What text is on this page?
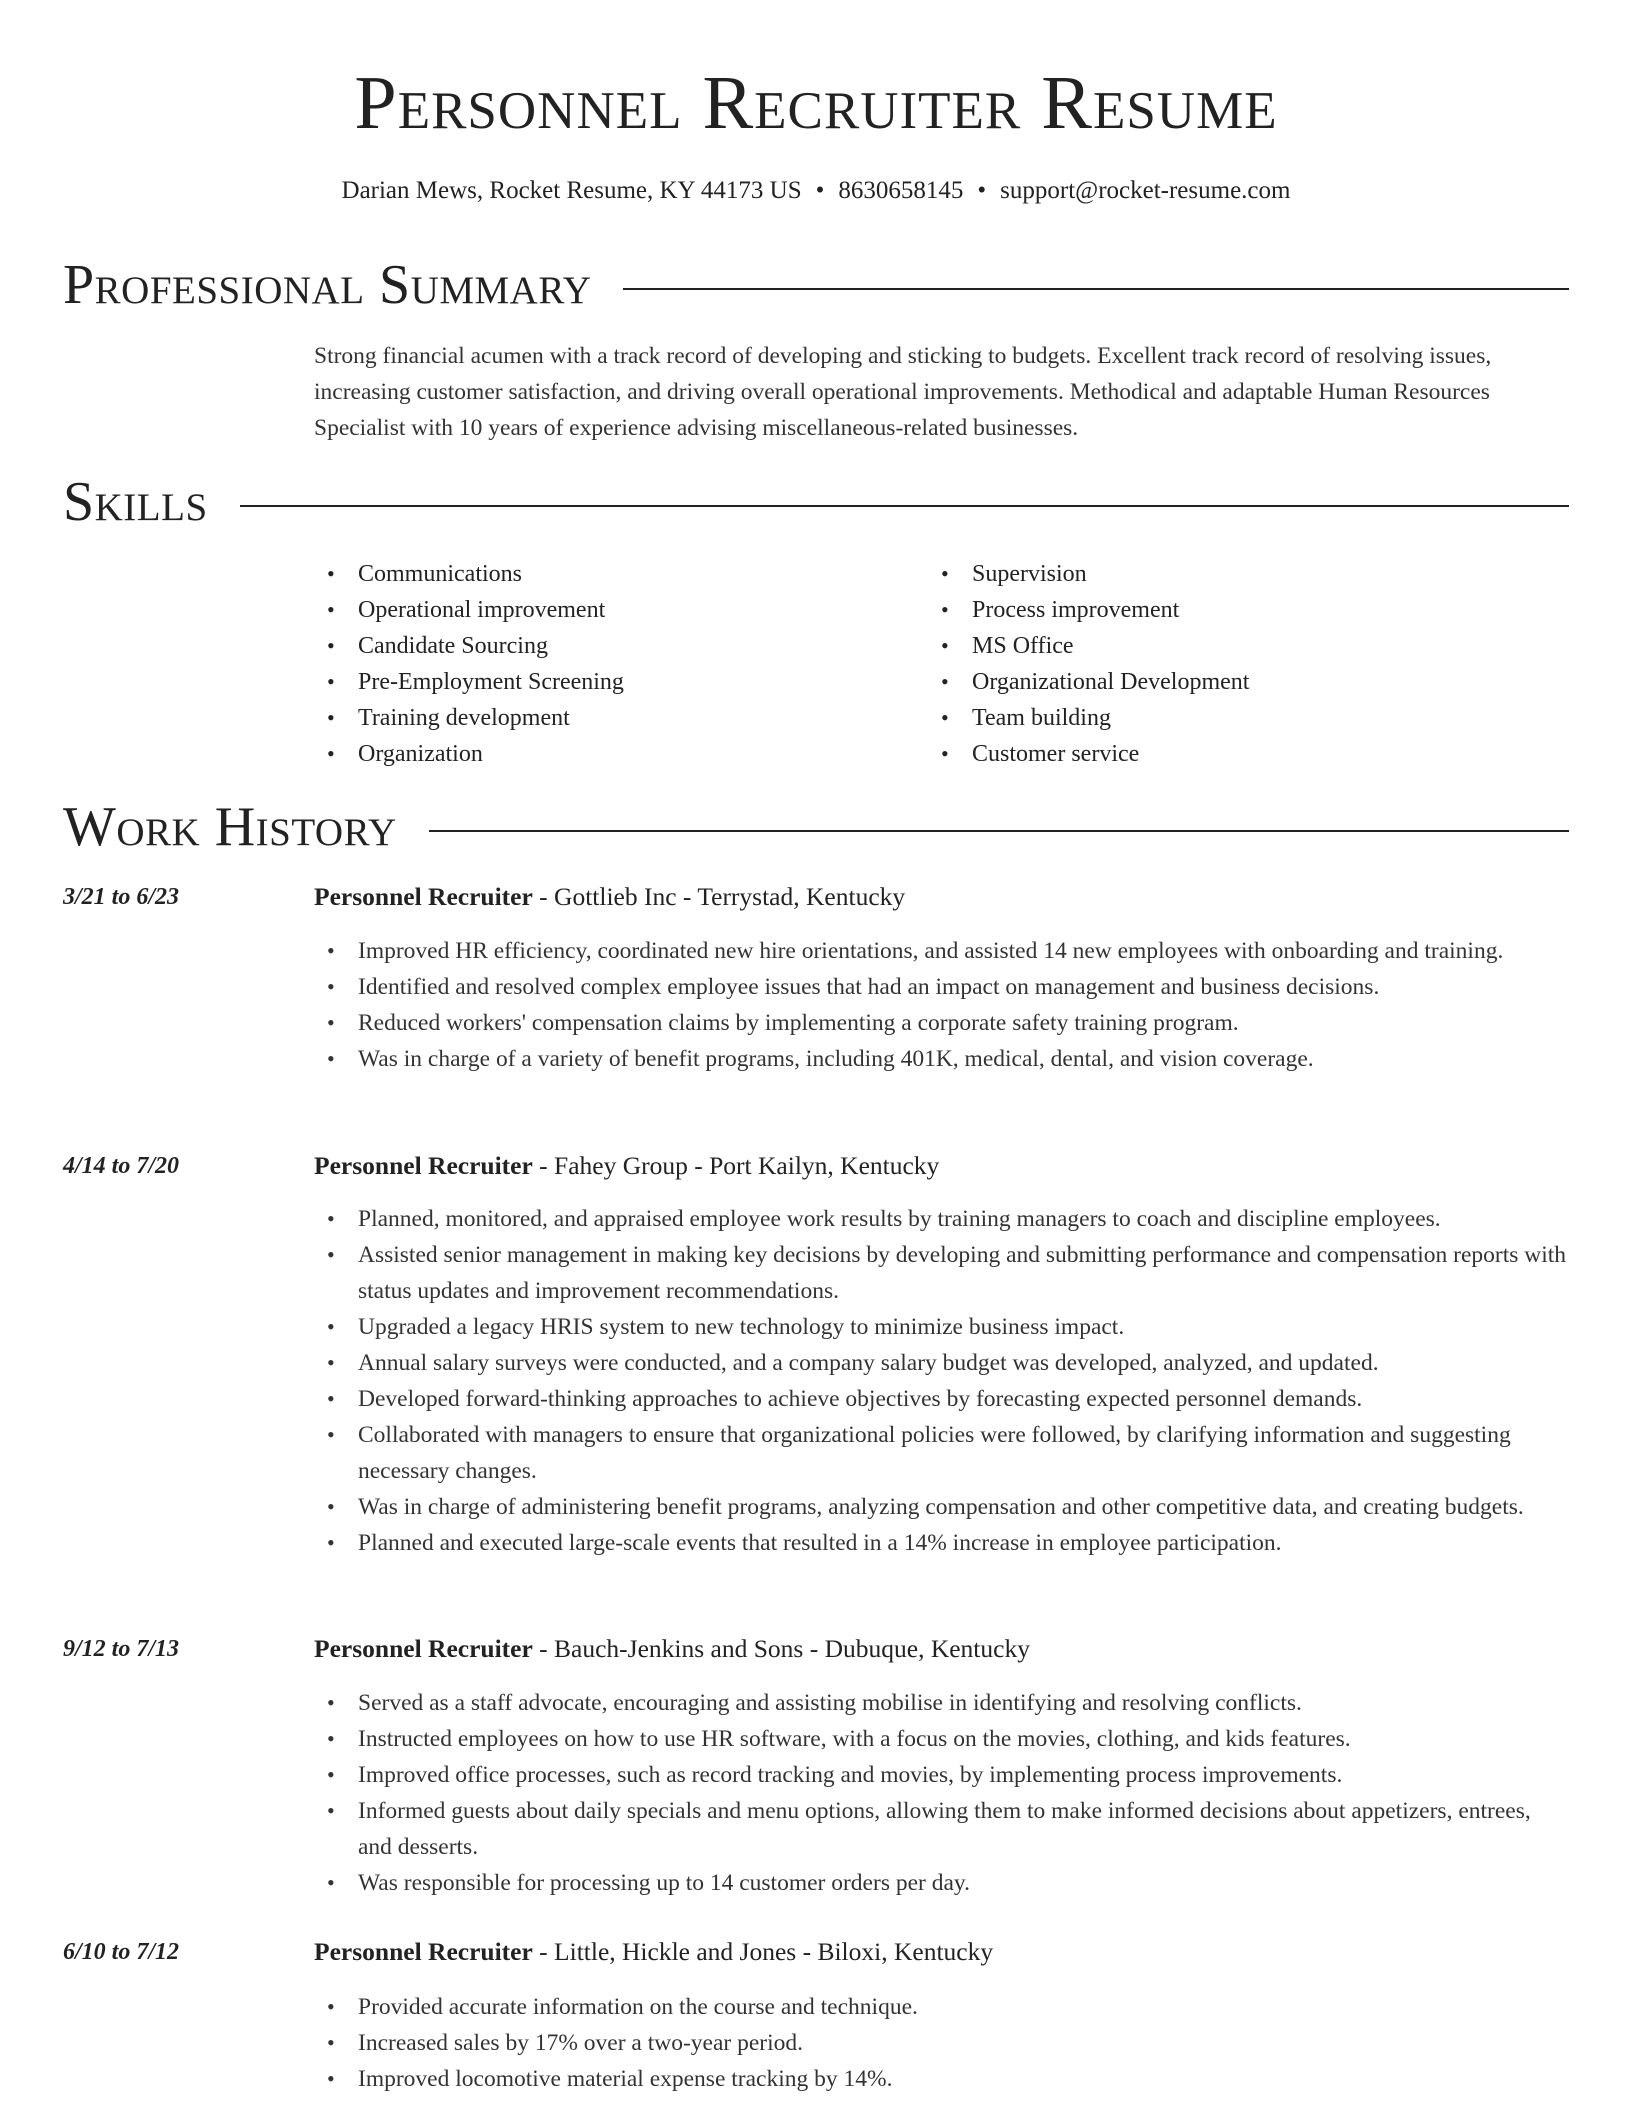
Personnel Recruiter Resume
Darian Mews, Rocket Resume, KY 44173 US • 8630658145 • support@rocket-resume.com
Professional Summary

Strong financial acumen with a track record of developing and sticking to budgets. Excellent track record of resolving issues, increasing customer satisfaction, and driving overall operational improvements. Methodical and adaptable Human Resources Specialist with 10 years of experience advising miscellaneous-related businesses.

Skills
• Communications
• Operational improvement
• Candidate Sourcing
• Pre-Employment Screening
• Training development
• Organization
• Supervision
• Process improvement
• MS Office
• Organizational Development
• Team building
• Customer service
Work History
3/21 to 6/23	Personnel Recruiter - Gottlieb Inc - Terrystad, Kentucky
• Improved HR efficiency, coordinated new hire orientations, and assisted 14 new employees with onboarding and training.
• Identified and resolved complex employee issues that had an impact on management and business decisions.
• Reduced workers' compensation claims by implementing a corporate safety training program.
• Was in charge of a variety of benefit programs, including 401K, medical, dental, and vision coverage.
4/14 to 7/20	Personnel Recruiter - Fahey Group - Port Kailyn, Kentucky
• Planned, monitored, and appraised employee work results by training managers to coach and discipline employees.
• Assisted senior management in making key decisions by developing and submitting performance and compensation reports with status updates and improvement recommendations.
• Upgraded a legacy HRIS system to new technology to minimize business impact.
• Annual salary surveys were conducted, and a company salary budget was developed, analyzed, and updated.
• Developed forward-thinking approaches to achieve objectives by forecasting expected personnel demands.
• Collaborated with managers to ensure that organizational policies were followed, by clarifying information and suggesting necessary changes.
• Was in charge of administering benefit programs, analyzing compensation and other competitive data, and creating budgets.
• Planned and executed large-scale events that resulted in a 14% increase in employee participation.
9/12 to 7/13	Personnel Recruiter - Bauch-Jenkins and Sons - Dubuque, Kentucky
• Served as a staff advocate, encouraging and assisting mobilise in identifying and resolving conflicts.
• Instructed employees on how to use HR software, with a focus on the movies, clothing, and kids features.
• Improved office processes, such as record tracking and movies, by implementing process improvements.
• Informed guests about daily specials and menu options, allowing them to make informed decisions about appetizers, entrees, and desserts.
• Was responsible for processing up to 14 customer orders per day.
6/10 to 7/12	Personnel Recruiter - Little, Hickle and Jones - Biloxi, Kentucky
• Provided accurate information on the course and technique.
• Increased sales by 17% over a two-year period.
• Improved locomotive material expense tracking by 14%.
